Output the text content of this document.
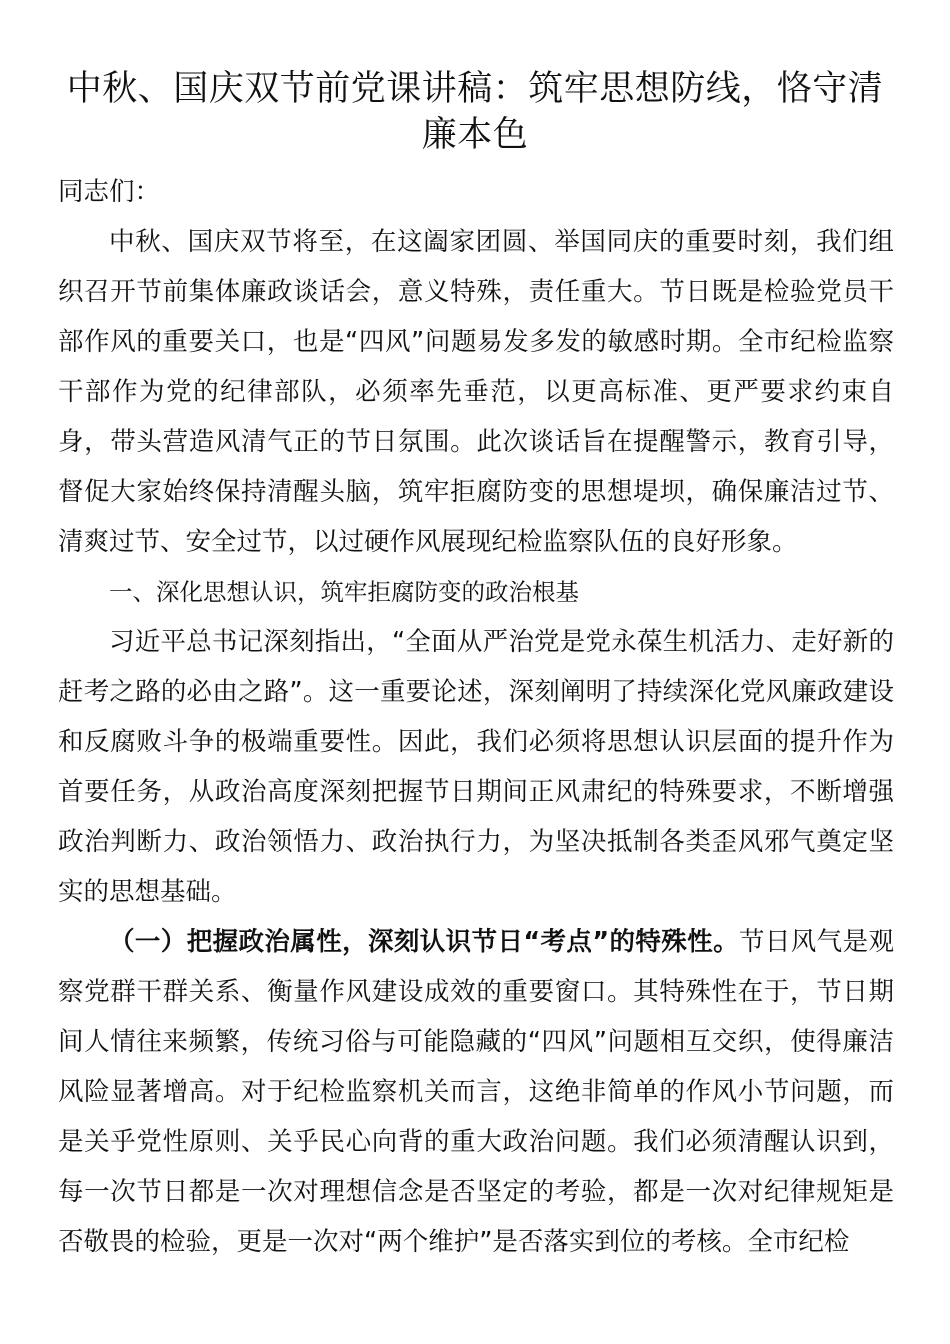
中秋、国庆双节前党课讲稿：筑牢思想防线，恪守清廉本色

同志们：

中秋、国庆双节将至，在这阖家团圆、举国同庆的重要时刻，我们组织召开节前集体廉政谈话会，意义特殊，责任重大。节日既是检验党员干部作风的重要关口，也是“四风”问题易发多发的敏感时期。全市纪检监察干部作为党的纪律部队，必须率先垂范，以更高标准、更严要求约束自身，带头营造风清气正的节日氛围。此次谈话旨在提醒警示，教育引导，督促大家始终保持清醒头脑，筑牢拒腐防变的思想堤坝，确保廉洁过节、清爽过节、安全过节，以过硬作风展现纪检监察队伍的良好形象。

一、深化思想认识，筑牢拒腐防变的政治根基

习近平总书记深刻指出，“全面从严治党是党永葆生机活力、走好新的赶考之路的必由之路”。这一重要论述，深刻阐明了持续深化党风廉政建设和反腐败斗争的极端重要性。因此，我们必须将思想认识层面的提升作为首要任务，从政治高度深刻把握节日期间正风肃纪的特殊要求，不断增强政治判断力、政治领悟力、政治执行力，为坚决抵制各类歪风邪气奠定坚实的思想基础。

（一）把握政治属性，深刻认识节日“考点”的特殊性。节日风气是观察党群干群关系、衡量作风建设成效的重要窗口。其特殊性在于，节日期间人情往来频繁，传统习俗与可能隐藏的“四风”问题相互交织，使得廉洁风险显著增高。对于纪检监察机关而言，这绝非简单的作风小节问题，而是关乎党性原则、关乎民心向背的重大政治问题。我们必须清醒认识到，每一次节日都是一次对理想信念是否坚定的考验，都是一次对纪律规矩是否敬畏的检验，更是一次对“两个维护”是否落实到位的考核。全市纪检
